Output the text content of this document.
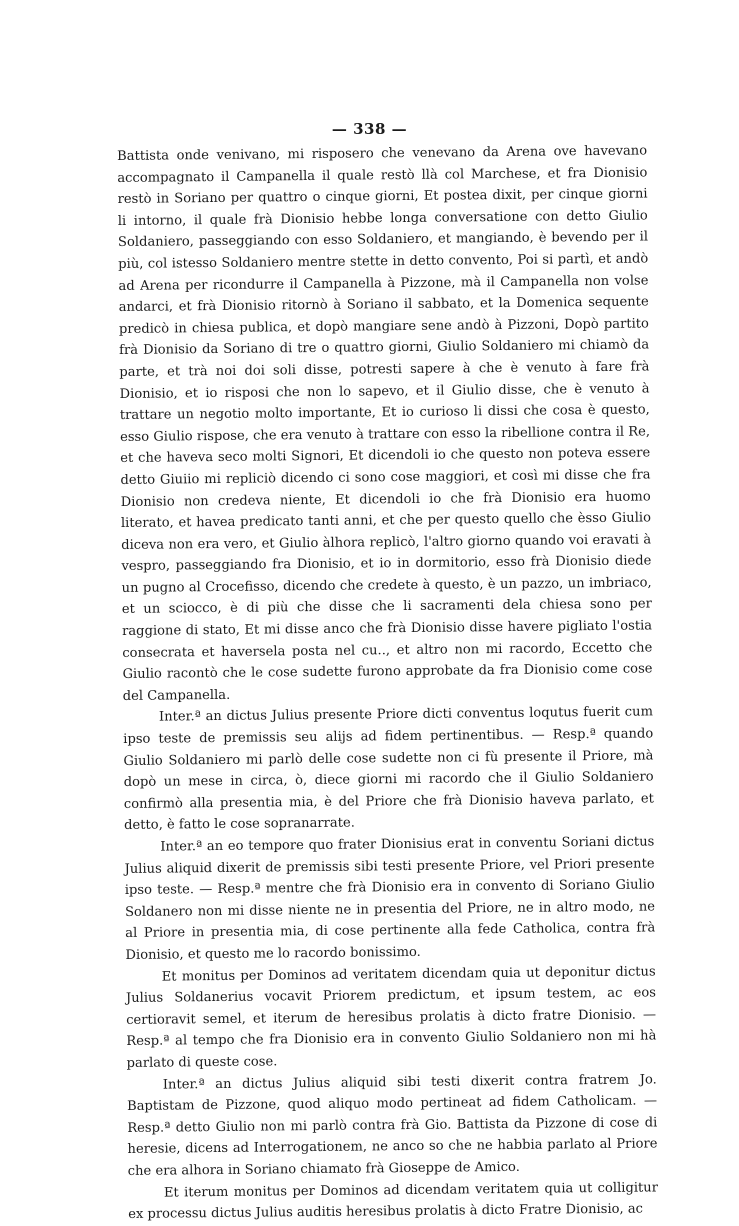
— 338 —

Battista onde venivano, mi risposero che venevano da Arena ove havevano accompagnato il Campanella il quale restò llà col Marchese, et fra Dionisio restò in Soriano per quattro o cinque giorni, Et postea dixit, per cinque giorni li intorno, il quale frà Dionisio hebbe longa conversatione con detto Giulio Soldaniero, passeggiando con esso Soldaniero, et mangiando, è bevendo per il più, col istesso Soldaniero mentre stette in detto convento, Poi si partì, et andò ad Arena per ricondurre il Campanella à Pizzone, mà il Campanella non volse andarci, et frà Dionisio ritornò à Soriano il sabbato, et la Domenica sequente predicò in chiesa publica, et dopò mangiare sene andò à Pizzoni, Dopò partito frà Dionisio da Soriano di tre o quattro giorni, Giulio Soldaniero mi chiamò da parte, et trà noi doi soli disse, potresti sapere à che è venuto à fare frà Dionisio, et io risposi che non lo sapevo, et il Giulio disse, che è venuto à trattare un negotio molto importante, Et io curioso li dissi che cosa è questo, esso Giulio risposе, che era venuto à trattare con esso la ribellione contra il Re, et che haveva seco molti Signori, Et dicendoli io che questo non poteva essere detto Giuiio mi repliciò dicendo ci sono cose maggiori, et così mi disse che fra Dionisio non credeva niente, Et dicendoli io che frà Dionisio era huomo literato, et havea predicato tanti anni, et che per questo quello che èsso Giulio diceva non era vero, et Giulio àlhora replicò, l'altro giorno quando voi eravati à vespro, passeggiando fra Dionisio, et io in dormitorio, esso frà Dionisio diede un pugno al Crocefisso, dicendo che credete à questo, è un pazzo, un imbriaco, et un sciocco, è di più che disse che li sacramenti dela chiesa sono per raggione di stato, Et mi disse anco che frà Dionisio disse havere pigliato l'ostia consecrata et haversela posta nel cu.., et altro non mi racordo, Eccetto che Giulio racontò che le cose sudette furono approbate da fra Dionisio come cose del Campanella.

Inter.ª an dictus Julius presente Priore dicti conventus loqutus fuerit cum ipso teste de premissis seu alijs ad fidem pertinentibus. — Resp.ª quando Giulio Soldaniero mi parlò delle cose sudette non ci fù presente il Priore, mà dopò un mese in circa, ò, diece giorni mi racordo che il Giulio Soldaniero confirmò alla presentia mia, è del Priore che frà Dionisio haveva parlato, et detto, è fatto le cose sopranarrate.

Inter.ª an eo tempore quo frater Dionisius erat in conventu Soriani dictus Julius aliquid dixerit de premissis sibi testi presente Priore, vel Priori presente ipso teste. — Resp.ª mentre che frà Dionisio era in convento di Soriano Giulio Soldanero non mi disse niente ne in presentia del Priore, ne in altro modo, ne al Priore in presentia mia, di cose pertinente alla fede Catholica, contra frà Dionisio, et questo me lo racordo bonissimo.

Et monitus per Dominos ad veritatem dicendam quia ut deponitur dictus Julius Soldanerius vocavit Priorem predictum, et ipsum testem, ac eos certioravit semel, et iterum de heresibus prolatis à dicto fratre Dionisio. — Resp.ª al tempo che fra Dionisio era in convento Giulio Soldaniero non mi hà parlato di queste cose.

Inter.ª an dictus Julius aliquid sibi testi dixerit contra fratrem Jo. Baptistam de Pizzone, quod aliquo modo pertineat ad fidem Catholicam. — Resp.ª detto Giulio non mi parlò contra frà Gio. Battista da Pizzone di cose di heresie, dicens ad Interrogationem, ne anco so che ne habbia parlato al Priore che era alhora in Soriano chiamato frà Gioseppe de Amico.

Et iterum monitus per Dominos ad dicendam veritatem quia ut colligitur ex processu dictus Julius auditis heresibus prolatis à dicto Fratre Dionisio, ac
